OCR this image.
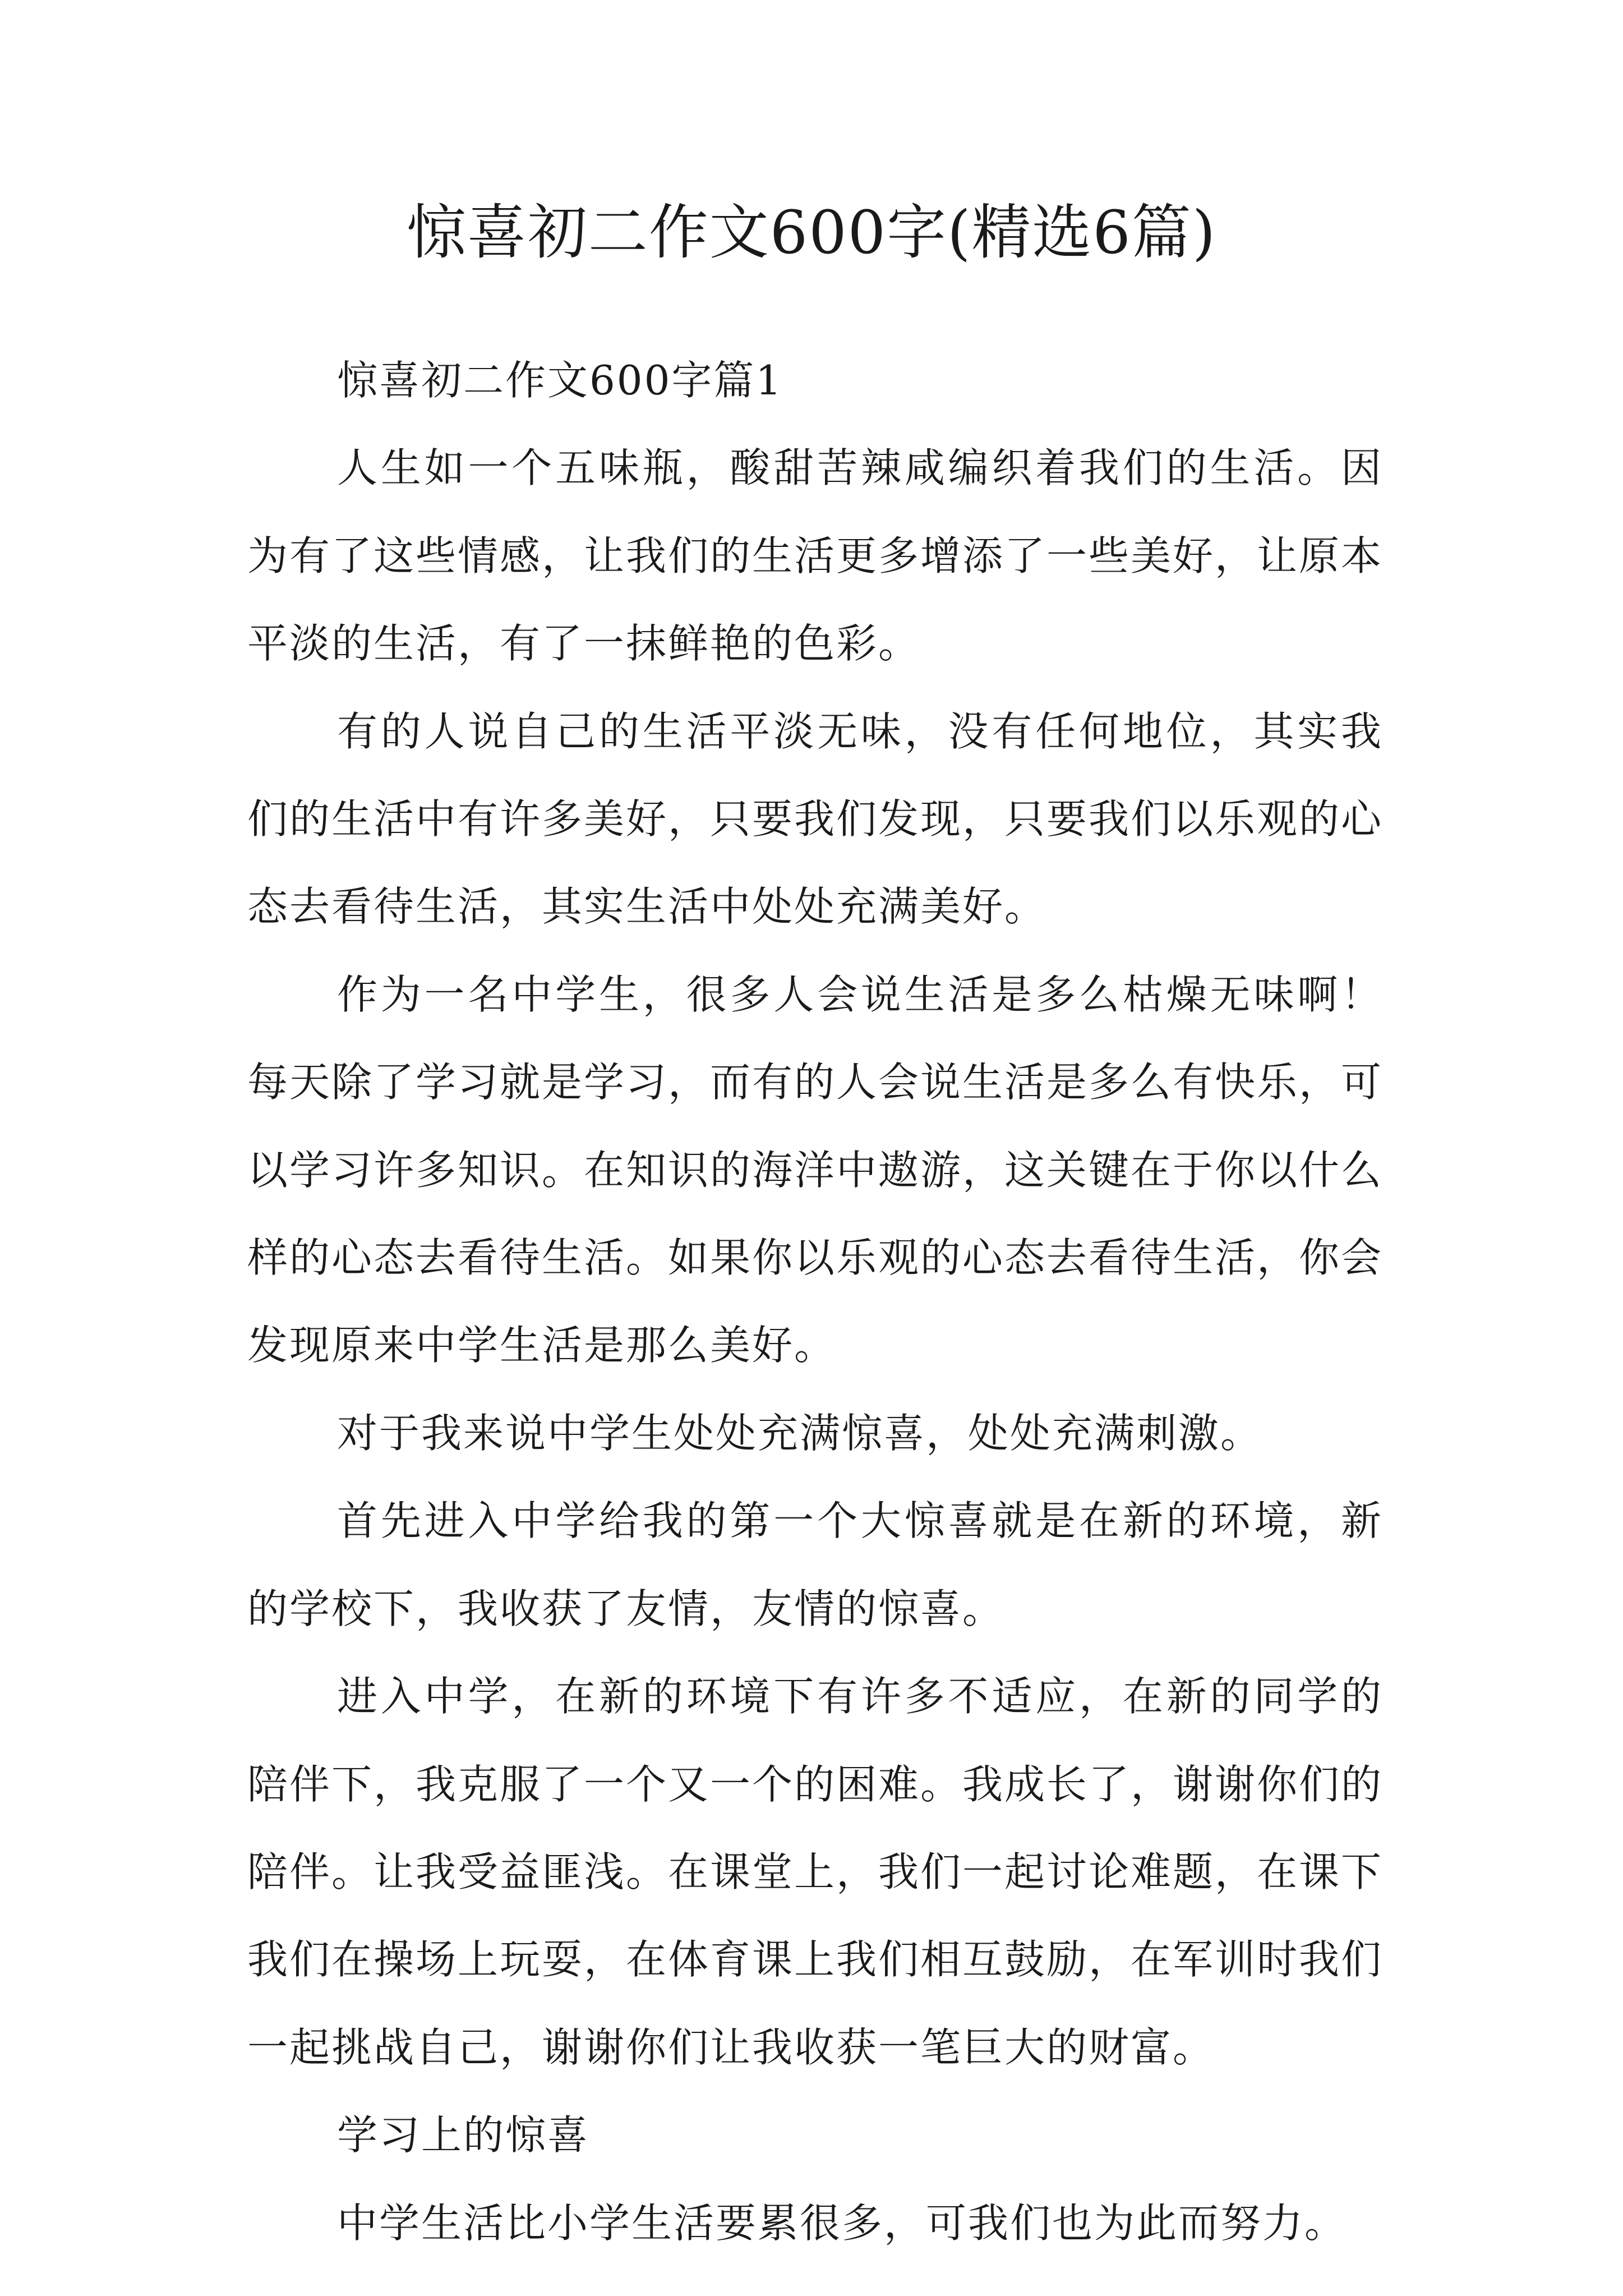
惊喜初二作文600字(精选6篇)

惊喜初二作文600字篇1

人生如一个五味瓶，酸甜苦辣咸编织着我们的生活。因为有了这些情感，让我们的生活更多增添了一些美好，让原本平淡的生活，有了一抹鲜艳的色彩。

有的人说自己的生活平淡无味，没有任何地位，其实我们的生活中有许多美好，只要我们发现，只要我们以乐观的心态去看待生活，其实生活中处处充满美好。

作为一名中学生，很多人会说生活是多么枯燥无味啊！每天除了学习就是学习，而有的人会说生活是多么有快乐，可以学习许多知识。在知识的海洋中遨游，这关键在于你以什么样的心态去看待生活。如果你以乐观的心态去看待生活，你会发现原来中学生活是那么美好。

对于我来说中学生处处充满惊喜，处处充满刺激。

首先进入中学给我的第一个大惊喜就是在新的环境，新的学校下，我收获了友情，友情的惊喜。

进入中学，在新的环境下有许多不适应，在新的同学的陪伴下，我克服了一个又一个的困难。我成长了，谢谢你们的陪伴。让我受益匪浅。在课堂上，我们一起讨论难题，在课下我们在操场上玩耍，在体育课上我们相互鼓励，在军训时我们一起挑战自己，谢谢你们让我收获一笔巨大的财富。

学习上的惊喜

中学生活比小学生活要累很多，可我们也为此而努力。
